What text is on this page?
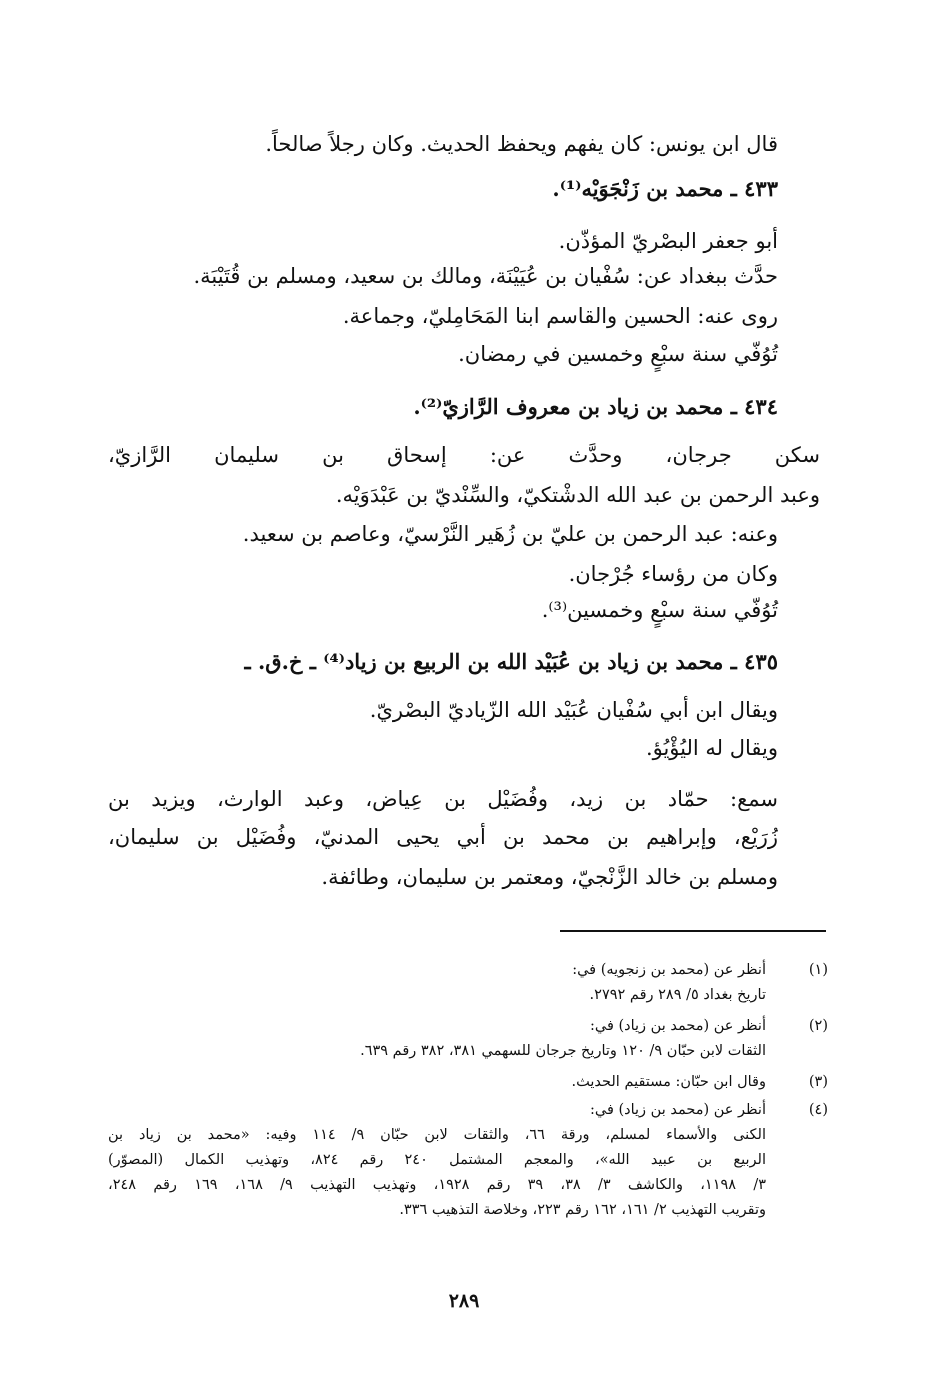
قال ابن يونس: كان يفهم ويحفظ الحديث. وكان رجلاً صالحاً.
٤٣٣ ـ محمد بن زَنْجَوَيْه⁽¹⁾.
أبو جعفر البصْريّ المؤذّن.
حدَّث ببغداد عن: سُفْيان بن عُيَيْنَة، ومالك بن سعيد، ومسلم بن قُتَيْبَة.
روى عنه: الحسين والقاسم ابنا المَحَامِليّ، وجماعة.
تُوُفّي سنة سبْعٍ وخمسين في رمضان.
٤٣٤ ـ محمد بن زياد بن معروف الرَّازيّ⁽²⁾.
سكن جرجان، وحدَّث عن: إسحاق بن سليمان الرَّازيّ،
وعبد الرحمن بن عبد الله الدشْتكيّ، والسِّنْديّ بن عَبْدَوَيْه.
وعنه: عبد الرحمن بن عليّ بن زُهَير النَّرْسيّ، وعاصم بن سعيد.
وكان من رؤساء جُرْجان.
تُوُفّي سنة سبْعٍ وخمسين⁽³⁾.
٤٣٥ ـ محمد بن زياد بن عُبَيْد الله بن الربيع بن زياد⁽⁴⁾ ـ خ.ق. ـ
ويقال ابن أبي سُفْيان عُبَيْد الله الزّياديّ البصْريّ.
ويقال له اليُؤْيُؤ.
سمع: حمّاد بن زيد، وفُضَيْل بن عِياض، وعبد الوارث، ويزيد بن
زُرَيْع، وإبراهيم بن محمد بن أبي يحيى المدنيّ، وفُضَيْل بن سليمان،
ومسلم بن خالد الزَّنْجيّ، ومعتمر بن سليمان، وطائفة.
(١)
أنظر عن (محمد بن زنجويه) في:
تاريخ بغداد ٥/ ٢٨٩ رقم ٢٧٩٢.
(٢)
أنظر عن (محمد بن زياد) في:
الثقات لابن حبّان ٩/ ١٢٠ وتاريخ جرجان للسهمي ٣٨١، ٣٨٢ رقم ٦٣٩.
(٣)
وقال ابن حبّان: مستقيم الحديث.
(٤)
أنظر عن (محمد بن زياد) في:
الكنى والأسماء لمسلم، ورقة ٦٦، والثقات لابن حبّان ٩/ ١١٤ وفيه: «محمد بن زياد بن
الربيع بن عبيد الله»، والمعجم المشتمل ٢٤٠ رقم ٨٢٤، وتهذيب الكمال (المصوّر)
٣/ ١١٩٨، والكاشف ٣/ ٣٨، ٣٩ رقم ١٩٢٨، وتهذيب التهذيب ٩/ ١٦٨، ١٦٩ رقم ٢٤٨،
وتقريب التهذيب ٢/ ١٦١، ١٦٢ رقم ٢٢٣، وخلاصة التذهيب ٣٣٦.
٢٨٩
